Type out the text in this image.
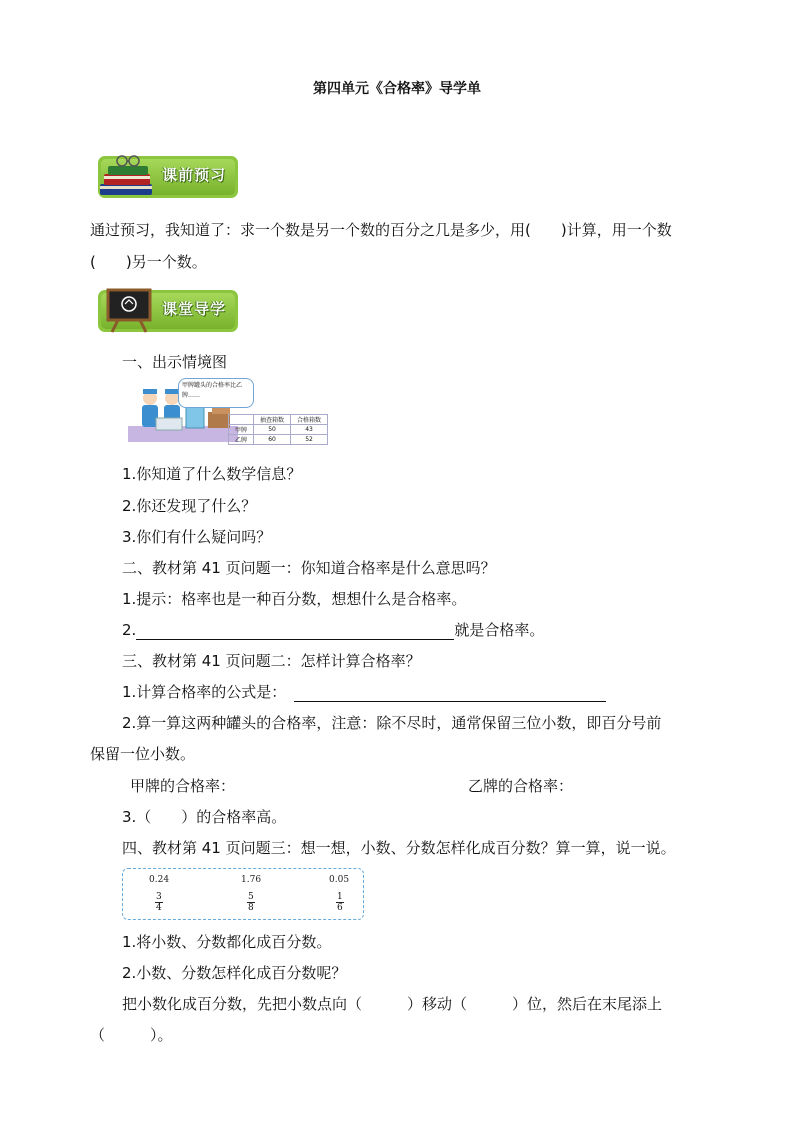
第四单元《合格率》导学单
课前预习
通过预习，我知道了：求一个数是另一个数的百分之几是多少，用(　　)计算，用一个数
(　　)另一个数。
课堂导学
一、出示情境图
甲牌罐头的合格率比乙牌……
	抽查箱数	合格箱数
甲牌	50	43
乙牌	60	52
1.你知道了什么数学信息？
2.你还发现了什么？
3.你们有什么疑问吗？
二、教材第 41 页问题一：你知道合格率是什么意思吗？
1.提示：格率也是一种百分数，想想什么是合格率。
2.	就是合格率。
三、教材第 41 页问题二：怎样计算合格率？
1.计算合格率的公式是：
2.算一算这两种罐头的合格率，注意：除不尽时，通常保留三位小数，即百分号前
保留一位小数。
甲牌的合格率：	乙牌的合格率：
3.（　　）的合格率高。
四、教材第 41 页问题三：想一想，小数、分数怎样化成百分数？算一算，说一说。
0.24	1.76	0.05
$\frac{3}{4}$	$\frac{5}{8}$	$\frac{1}{6}$
1.将小数、分数都化成百分数。
2.小数、分数怎样化成百分数呢？
把小数化成百分数，先把小数点向（　　　）移动（　　　）位，然后在末尾添上
（　　　）。
